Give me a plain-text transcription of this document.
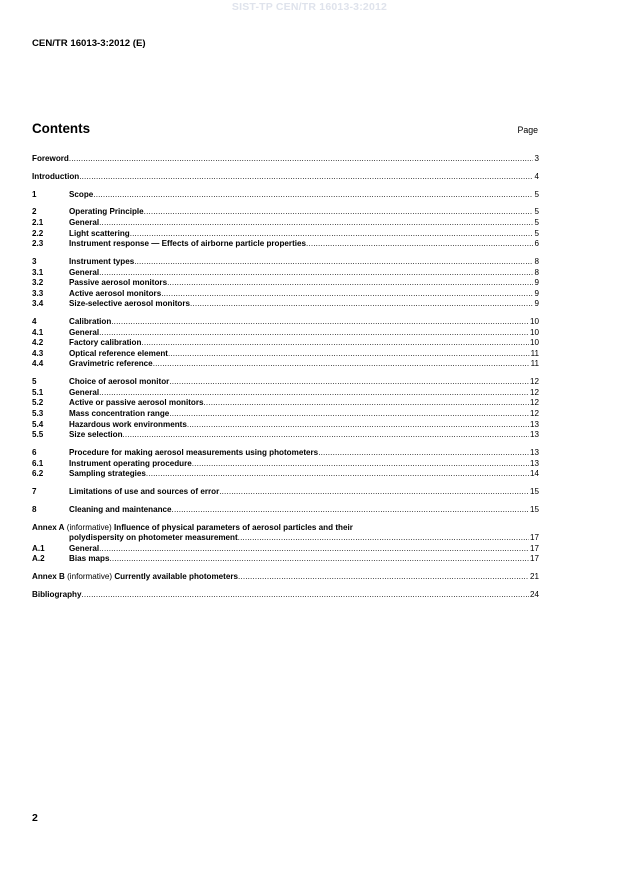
SIST-TP CEN/TR 16013-3:2012
CEN/TR 16013-3:2012 (E)
Contents	Page
Foreword .....	3
Introduction .....	4
1	Scope .....	5
2	Operating Principle .....	5
2.1	General .....	5
2.2	Light scattering .....	5
2.3	Instrument response — Effects of airborne particle properties .....	6
3	Instrument types .....	8
3.1	General .....	8
3.2	Passive aerosol monitors .....	9
3.3	Active aerosol monitors .....	9
3.4	Size-selective aerosol monitors .....	9
4	Calibration .....	10
4.1	General .....	10
4.2	Factory calibration .....	10
4.3	Optical reference element .....	11
4.4	Gravimetric reference .....	11
5	Choice of aerosol monitor .....	12
5.1	General .....	12
5.2	Active or passive aerosol monitors .....	12
5.3	Mass concentration range .....	12
5.4	Hazardous work environments .....	13
5.5	Size selection .....	13
6	Procedure for making aerosol measurements using photometers .....	13
6.1	Instrument operating procedure .....	13
6.2	Sampling strategies .....	14
7	Limitations of use and sources of error .....	15
8	Cleaning and maintenance .....	15
Annex A (informative) Influence of physical parameters of aerosol particles and their
polydispersity on photometer measurement .....	17
A.1	General .....	17
A.2	Bias maps .....	17
Annex B (informative) Currently available photometers .....	21
Bibliography .....	24
2
